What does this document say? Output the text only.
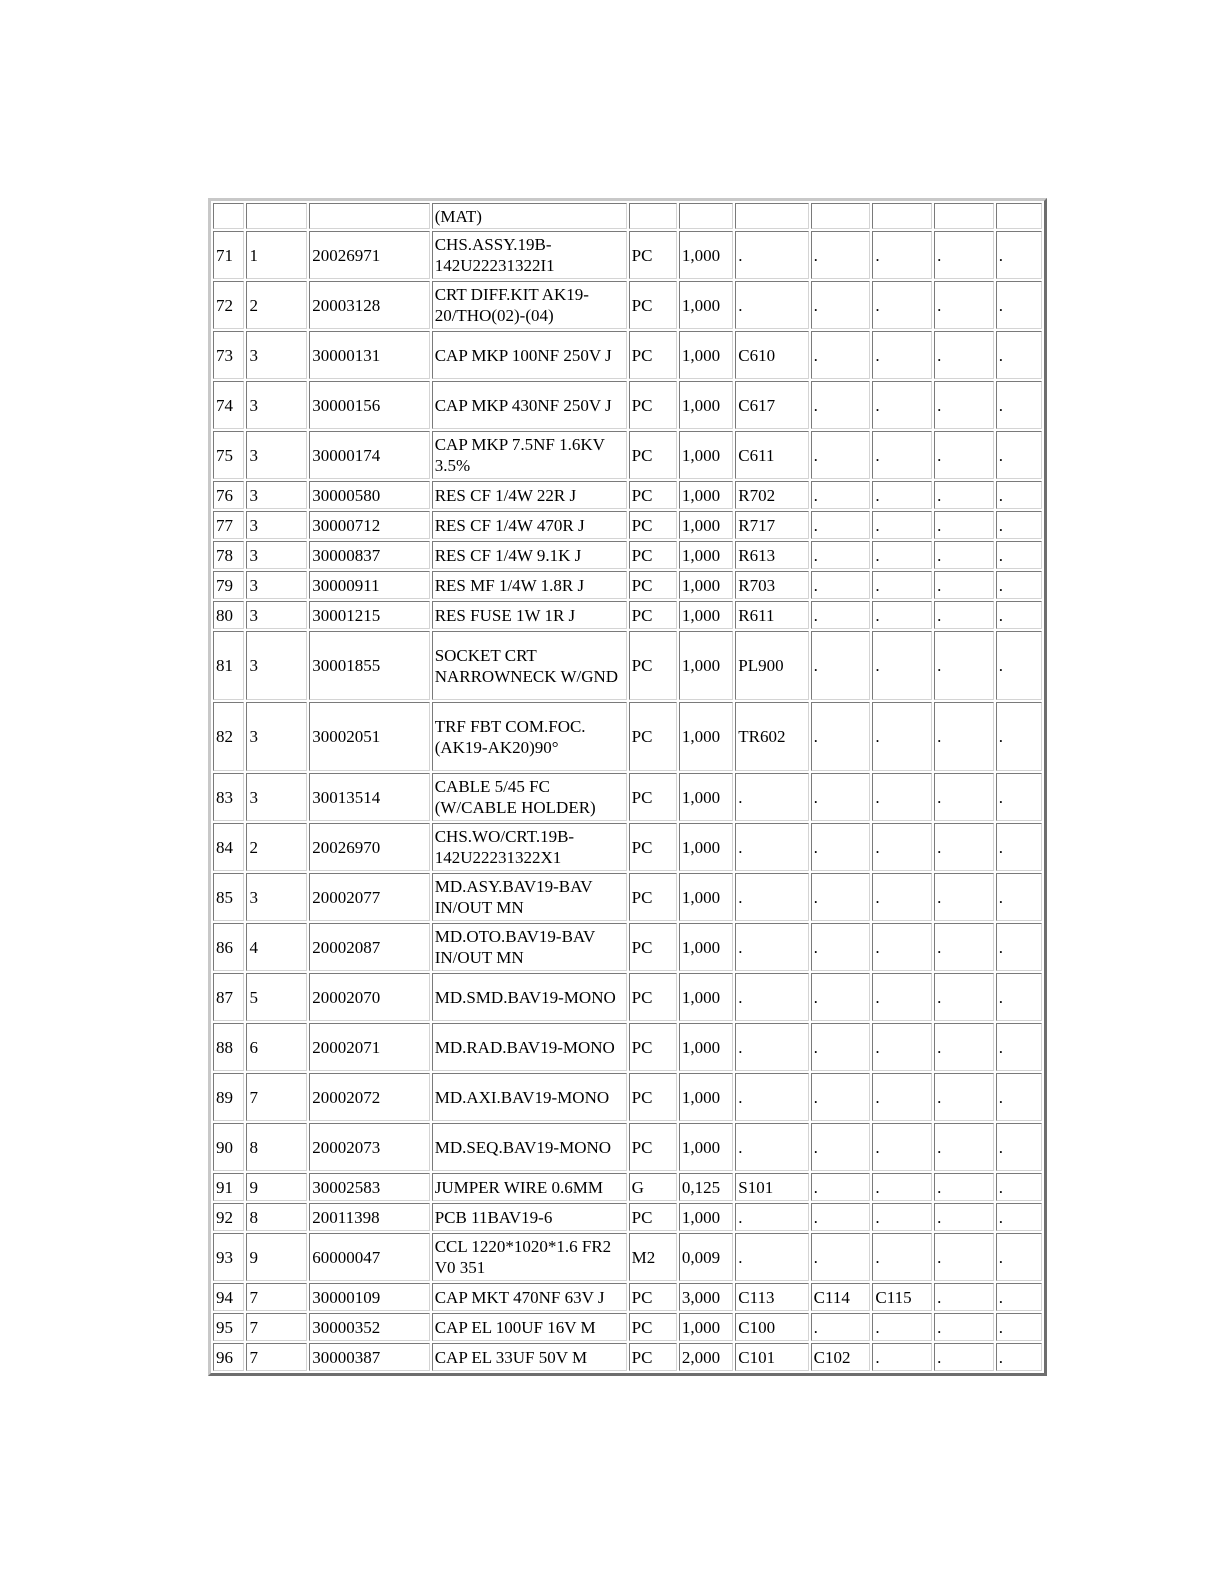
			(MAT)							
71	1	20026971	CHS.ASSY.19B-142U22231322I1	PC	1,000	.	.	.	.	.
72	2	20003128	CRT DIFF.KIT AK19-20/THO(02)-(04)	PC	1,000	.	.	.	.	.
73	3	30000131	CAP MKP 100NF 250V J	PC	1,000	C610	.	.	.	.
74	3	30000156	CAP MKP 430NF 250V J	PC	1,000	C617	.	.	.	.
75	3	30000174	CAP MKP 7.5NF 1.6KV 3.5%	PC	1,000	C611	.	.	.	.
76	3	30000580	RES CF 1/4W 22R J	PC	1,000	R702	.	.	.	.
77	3	30000712	RES CF 1/4W 470R J	PC	1,000	R717	.	.	.	.
78	3	30000837	RES CF 1/4W 9.1K J	PC	1,000	R613	.	.	.	.
79	3	30000911	RES MF 1/4W 1.8R J	PC	1,000	R703	.	.	.	.
80	3	30001215	RES FUSE 1W 1R J	PC	1,000	R611	.	.	.	.
81	3	30001855	SOCKET CRT NARROWNECK W/GND	PC	1,000	PL900	.	.	.	.
82	3	30002051	TRF FBT COM.FOC.(AK19-AK20)90°	PC	1,000	TR602	.	.	.	.
83	3	30013514	CABLE 5/45 FC (W/CABLE HOLDER)	PC	1,000	.	.	.	.	.
84	2	20026970	CHS.WO/CRT.19B-142U22231322X1	PC	1,000	.	.	.	.	.
85	3	20002077	MD.ASY.BAV19-BAV IN/OUT MN	PC	1,000	.	.	.	.	.
86	4	20002087	MD.OTO.BAV19-BAV IN/OUT MN	PC	1,000	.	.	.	.	.
87	5	20002070	MD.SMD.BAV19-MONO	PC	1,000	.	.	.	.	.
88	6	20002071	MD.RAD.BAV19-MONO	PC	1,000	.	.	.	.	.
89	7	20002072	MD.AXI.BAV19-MONO	PC	1,000	.	.	.	.	.
90	8	20002073	MD.SEQ.BAV19-MONO	PC	1,000	.	.	.	.	.
91	9	30002583	JUMPER WIRE 0.6MM	G	0,125	S101	.	.	.	.
92	8	20011398	PCB 11BAV19-6	PC	1,000	.	.	.	.	.
93	9	60000047	CCL 1220*1020*1.6 FR2 V0 351	M2	0,009	.	.	.	.	.
94	7	30000109	CAP MKT 470NF 63V J	PC	3,000	C113	C114	C115	.	.
95	7	30000352	CAP EL 100UF 16V M	PC	1,000	C100	.	.	.	.
96	7	30000387	CAP EL 33UF 50V M	PC	2,000	C101	C102	.	.	.
